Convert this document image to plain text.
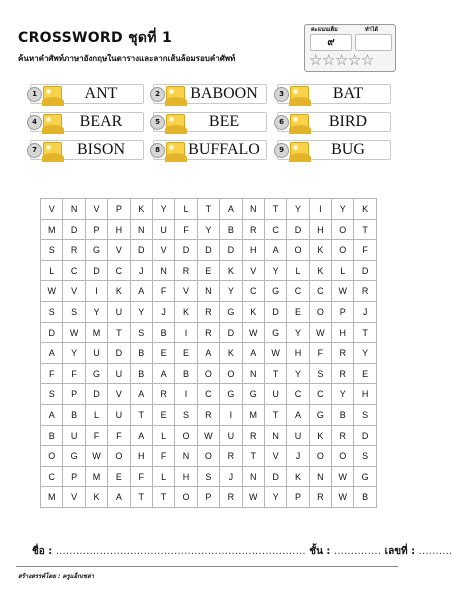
CROSSWORD ชุดที่ 1
ค้นหาคำศัพท์ภาษาอังกฤษในตารางและลากเส้นล้อมรอบคำศัพท์
คะแนนเต็ม	ทำได้
๙
☆☆☆☆☆
1	ANT	2	BABOON	3	BAT
4	BEAR	5	BEE	6	BIRD
7	BISON	8	BUFFALO	9	BUG
V	N	V	P	K	Y	L	T	A	N	T	Y	I	Y	K
M	D	P	H	N	U	F	Y	B	R	C	D	H	O	T
S	R	G	V	D	V	D	D	D	H	A	O	K	O	F
L	C	D	C	J	N	R	E	K	V	Y	L	K	L	D
W	V	I	K	A	F	V	N	Y	C	G	C	C	W	R
S	S	Y	U	Y	J	K	R	G	K	D	E	O	P	J
D	W	M	T	S	B	I	R	D	W	G	Y	W	H	T
A	Y	U	D	B	E	E	A	K	A	W	H	F	R	Y
F	F	G	U	B	A	B	O	O	N	T	Y	S	R	E
S	P	D	V	A	R	I	C	G	G	U	C	C	Y	H
A	B	L	U	T	E	S	R	I	M	T	A	G	B	S
B	U	F	F	A	L	O	W	U	R	N	U	K	R	D
O	G	W	O	H	F	N	O	R	T	V	J	O	O	S
C	P	M	E	F	L	H	S	J	N	D	K	N	W	G
M	V	K	A	T	T	O	P	R	W	Y	P	R	W	B
ชื่อ : .......................................................................... ชั้น : .............. เลขที่ : ..........
สร้างสรรค์โดย : ครูแอ็กเซล่า
